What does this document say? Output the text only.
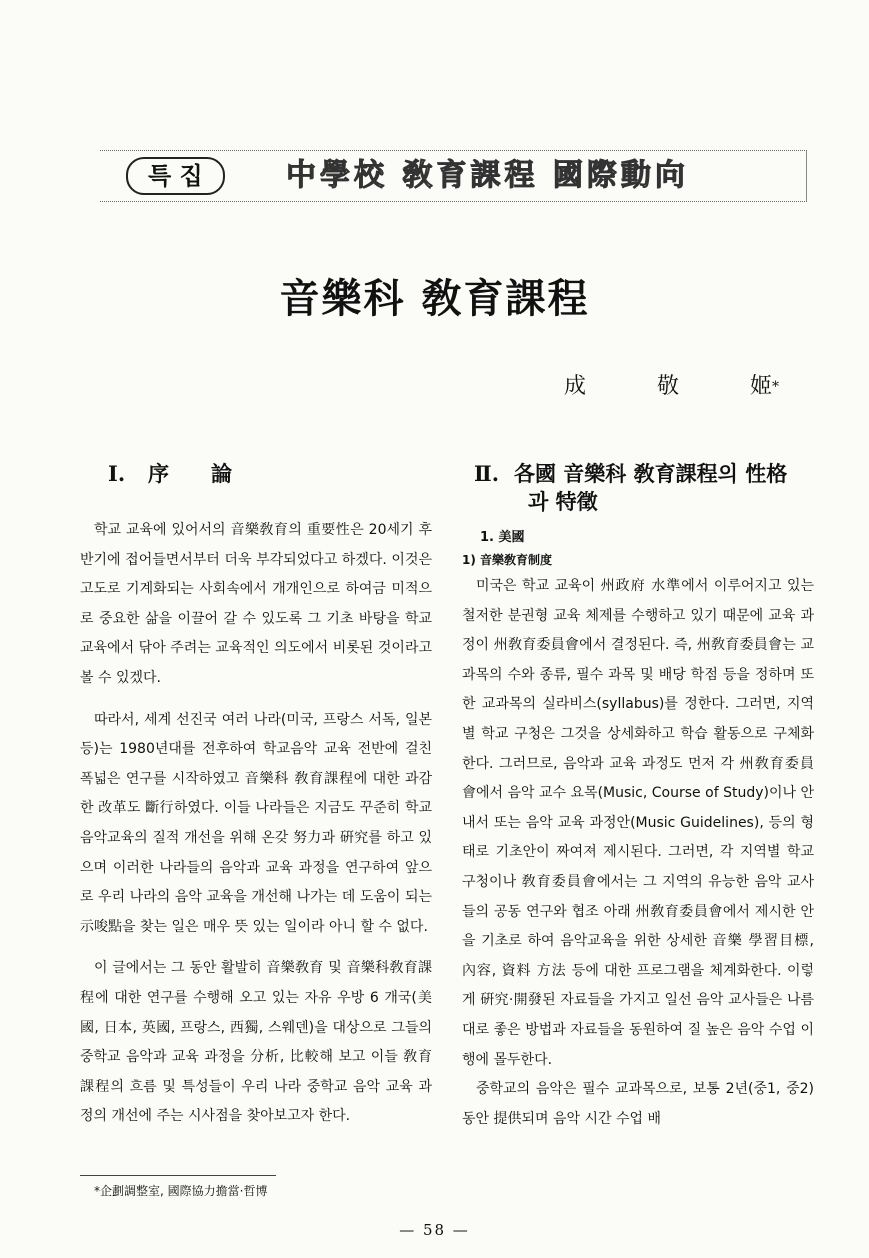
특 집	中學校 敎育課程 國際動向
音樂科 敎育課程
成	敬	姬*
Ⅰ. 序　　論

학교 교육에 있어서의 音樂敎育의 重要性은 20세기 후반기에 접어들면서부터 더욱 부각되었다고 하겠다. 이것은 고도로 기계화되는 사회속에서 개개인으로 하여금 미적으로 중요한 삶을 이끌어 갈 수 있도록 그 기초 바탕을 학교 교육에서 닦아 주려는 교육적인 의도에서 비롯된 것이라고 볼 수 있겠다.

따라서, 세계 선진국 여러 나라(미국, 프랑스 서독, 일본 등)는 1980년대를 전후하여 학교음악 교육 전반에 걸친 폭넓은 연구를 시작하였고 音樂科 敎育課程에 대한 과감한 改革도 斷行하였다. 이들 나라들은 지금도 꾸준히 학교 음악교육의 질적 개선을 위해 온갖 努力과 硏究를 하고 있으며 이러한 나라들의 음악과 교육 과정을 연구하여 앞으로 우리 나라의 음악 교육을 개선해 나가는 데 도움이 되는 示唆點을 찾는 일은 매우 뜻 있는 일이라 아니 할 수 없다.

이 글에서는 그 동안 활발히 音樂敎育 및 音樂科敎育課程에 대한 연구를 수행해 오고 있는 자유 우방 6 개국(美國, 日本, 英國, 프랑스, 西獨, 스웨덴)을 대상으로 그들의 중학교 음악과 교육 과정을 分析, 比較해 보고 이들 敎育課程의 흐름 및 특성들이 우리 나라 중학교 음악 교육 과정의 개선에 주는 시사점을 찾아보고자 한다.

Ⅱ. 各國 音樂科 敎育課程의 性格
과 特徵
1. 美國
1) 音樂敎育制度

미국은 학교 교육이 州政府 水準에서 이루어지고 있는 철저한 분권형 교육 체제를 수행하고 있기 때문에 교육 과정이 州敎育委員會에서 결정된다. 즉, 州敎育委員會는 교과목의 수와 종류, 필수 과목 및 배당 학점 등을 정하며 또한 교과목의 실라비스(syllabus)를 정한다. 그러면, 지역별 학교 구청은 그것을 상세화하고 학습 활동으로 구체화한다. 그러므로, 음악과 교육 과정도 먼저 각 州敎育委員會에서 음악 교수 요목(Music, Course of Study)이나 안내서 또는 음악 교육 과정안(Music Guidelines), 등의 형태로 기초안이 짜여져 제시된다. 그러면, 각 지역별 학교 구청이나 敎育委員會에서는 그 지역의 유능한 음악 교사들의 공동 연구와 협조 아래 州敎育委員會에서 제시한 안을 기초로 하여 음악교육을 위한 상세한 音樂 學習目標, 內容, 資料 方法 등에 대한 프로그램을 체계화한다. 이렇게 硏究·開發된 자료들을 가지고 일선 음악 교사들은 나름대로 좋은 방법과 자료들을 동원하여 질 높은 음악 수업 이행에 몰두한다.

중학교의 음악은 필수 교과목으로, 보통 2년(중1, 중2) 동안 提供되며 음악 시간 수업 배

*企劃調整室, 國際協力擔當·哲博
— 58 —
